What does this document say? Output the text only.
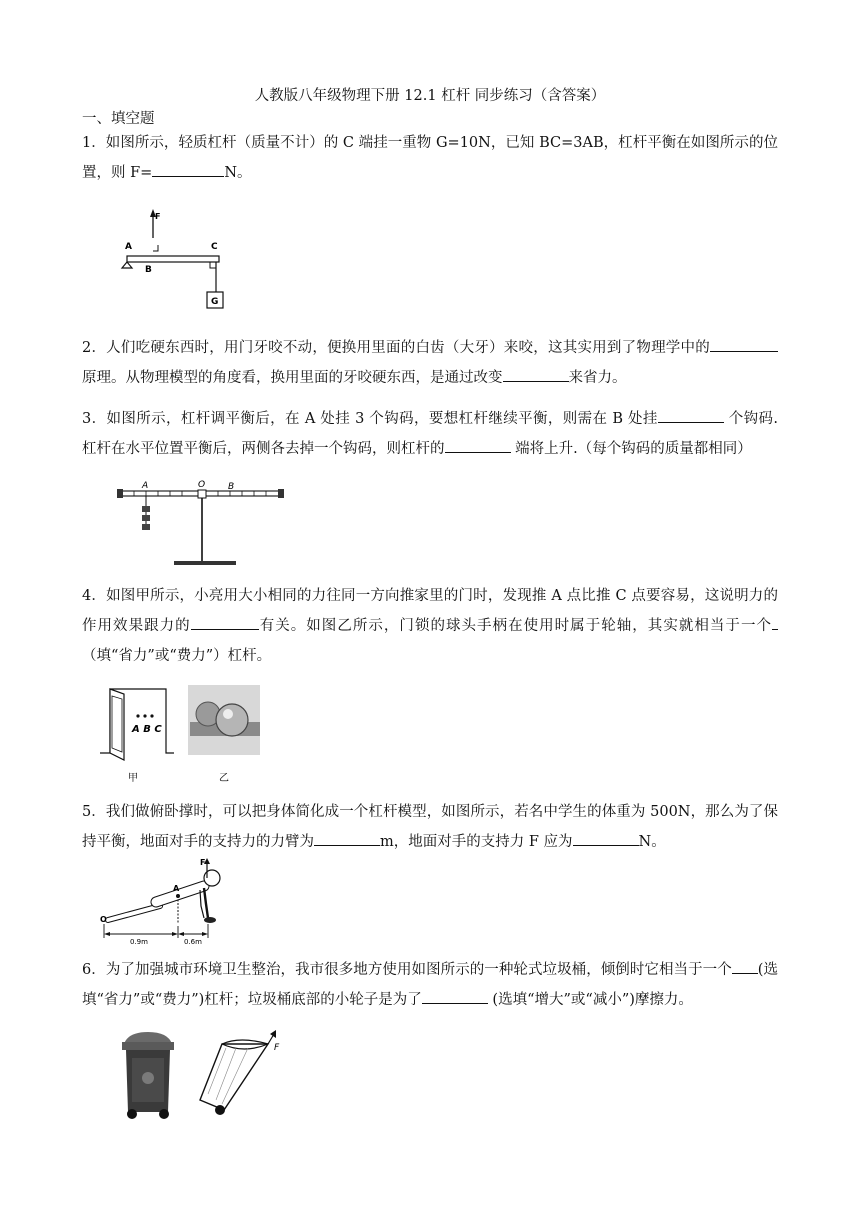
人教版八年级物理下册 12.1 杠杆 同步练习（含答案）
一、填空题
1．如图所示，轻质杠杆（质量不计）的 C 端挂一重物 G=10N，已知 BC=3AB，杠杆平衡在如图所示的位置，则 F=	N。
F
A
B
C
G
2．人们吃硬东西时，用门牙咬不动，便换用里面的白齿（大牙）来咬，这其实用到了物理学中的原理。从物理模型的角度看，换用里面的牙咬硬东西，是通过改变	来省力。
3．如图所示，杠杆调平衡后，在 A 处挂 3 个钩码，要想杠杆继续平衡，则需在 B 处挂	个钩码. 杠杆在水平位置平衡后，两侧各去掉一个钩码，则杠杆的	端将上升.（每个钩码的质量都相同）
A	O	B
4．如图甲所示，小亮用大小相同的力往同一方向推家里的门时，发现推 A 点比推 C 点要容易，这说明力的作用效果跟力的	有关。如图乙所示，门锁的球头手柄在使用时属于轮轴，其实就相当于一个（填“省力”或“费力”）杠杆。
A B C
甲	乙
5．我们做俯卧撑时，可以把身体简化成一个杠杆模型，如图所示，若名中学生的体重为 500N，那么为了保持平衡，地面对手的支持力的力臂为	m，地面对手的支持力 F 应为	N。
F
A
O
0.9m	0.6m
6．为了加强城市环境卫生整治，我市很多地方使用如图所示的一种轮式垃圾桶，倾倒时它相当于一个 (选填“省力”或“费力”)杠杆；垃圾桶底部的小轮子是为了	(选填“增大”或“减小”)摩擦力。
F
